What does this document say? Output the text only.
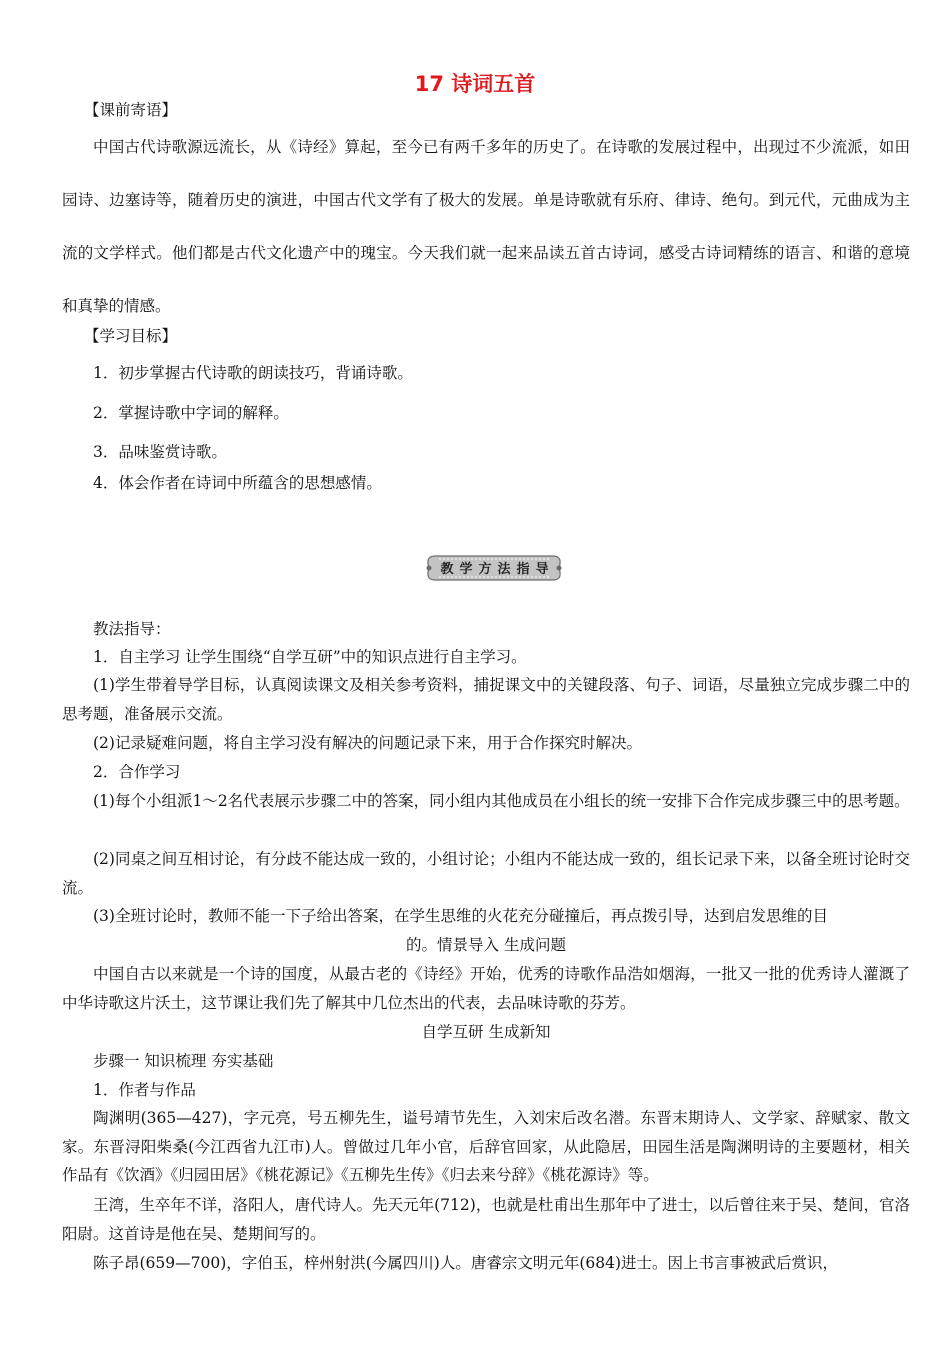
17 诗词五首
【课前寄语】
中国古代诗歌源远流长，从《诗经》算起，至今已有两千多年的历史了。在诗歌的发展过程中，出现过不少流派，如田园诗、边塞诗等，随着历史的演进，中国古代文学有了极大的发展。单是诗歌就有乐府、律诗、绝句。到元代，元曲成为主流的文学样式。他们都是古代文化遗产中的瑰宝。今天我们就一起来品读五首古诗词，感受古诗词精练的语言、和谐的意境和真挚的情感。
【学习目标】
1．初步掌握古代诗歌的朗读技巧，背诵诗歌。
2．掌握诗歌中字词的解释。
3．品味鉴赏诗歌。
4．体会作者在诗词中所蕴含的思想感情。
教 学 方 法 指 导
教法指导：
1．自主学习 让学生围绕“自学互研”中的知识点进行自主学习。
(1)学生带着导学目标，认真阅读课文及相关参考资料，捕捉课文中的关键段落、句子、词语，尽量独立完成步骤二中的思考题，准备展示交流。
(2)记录疑难问题，将自主学习没有解决的问题记录下来，用于合作探究时解决。
2．合作学习
(1)每个小组派1～2名代表展示步骤二中的答案，同小组内其他成员在小组长的统一安排下合作完成步骤三中的思考题。
(2)同桌之间互相讨论，有分歧不能达成一致的，小组讨论；小组内不能达成一致的，组长记录下来，以备全班讨论时交流。
(3)全班讨论时，教师不能一下子给出答案，在学生思维的火花充分碰撞后，再点拨引导，达到启发思维的目
的。情景导入 生成问题
中国自古以来就是一个诗的国度，从最古老的《诗经》开始，优秀的诗歌作品浩如烟海，一批又一批的优秀诗人灌溉了中华诗歌这片沃土，这节课让我们先了解其中几位杰出的代表，去品味诗歌的芬芳。
自学互研 生成新知
步骤一 知识梳理 夯实基础
1．作者与作品
陶渊明(365—427)，字元亮，号五柳先生，谥号靖节先生，入刘宋后改名潜。东晋末期诗人、文学家、辞赋家、散文家。东晋浔阳柴桑(今江西省九江市)人。曾做过几年小官，后辞官回家，从此隐居，田园生活是陶渊明诗的主要题材，相关作品有《饮酒》《归园田居》《桃花源记》《五柳先生传》《归去来兮辞》《桃花源诗》等。
王湾，生卒年不详，洛阳人，唐代诗人。先天元年(712)，也就是杜甫出生那年中了进士，以后曾往来于吴、楚间，官洛阳尉。这首诗是他在吴、楚期间写的。
陈子昂(659—700)，字伯玉，梓州射洪(今属四川)人。唐睿宗文明元年(684)进士。因上书言事被武后赏识，
